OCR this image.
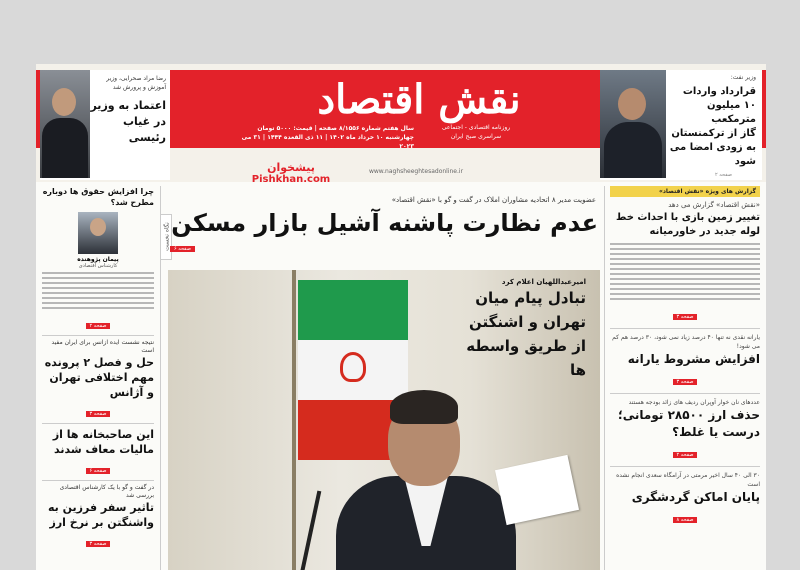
نقش اقتصاد
روزنامه اقتصادی - اجتماعی
سراسری صبح ایران
سال هفتم شماره ۸/۱۵۵۶ صفحه | قیمت: ۵۰۰۰ تومان
چهارشنبه ۱۰ خرداد ماه ۱۴۰۲ | ۱۱ ذی القعده ۱۴۴۴ | ۳۱ می ۲۰۲۳
www.naghsheeghtesadonline.ir
پیشخوان
Pishkhan.com
وزیر نفت:
قرارداد واردات
۱۰ میلیون مترمکعب
گاز از ترکمنستان
به زودی امضا می شود
صفحه ۲
رضا مراد صحرایی، وزیر آموزش و پرورش شد
اعتماد به وزیر
در غیاب
رئیسی
گزارش های ویژه «نقش اقتصاد»
«نقش اقتصاد» گزارش می دهد
تغییر زمین بازی با احداث خط لوله جدید در خاورمیانه
صفحه ۳
یارانه نقدی نه تنها ۴۰ درصد زیاد نمی شود، ۳۰ درصد هم کم می شود!
افزایش مشروط یارانه
صفحه ۳
عددهای نان خوار آوپران ردیف های زائد بودجه هستند
حذف ارز ۲۸۵۰۰ تومانی؛ درست یا غلط؟
صفحه ۲
۳۰ الی ۴۰ سال اخیر مرمتی در آرامگاه سعدی انجام نشده است
پایان اماکن گردشگری
صفحه ۸
چرا افزایش حقوق ها دوباره مطرح شد؟
پیمان پژوهنده
کارشناس اقتصادی
صفحه ۲
نتیجه نشست ایده ازانس برای ایران مفید است
حل و فصل ۲ پرونده مهم اختلافی تهران و آژانس
صفحه ۳
این صاحبخانه ها از مالیات معاف شدند
صفحه ۶
در گفت و گو با یک کارشناس اقتصادی بررسی شد
تاثیر سفر فرزین به واشنگتن بر نرخ ارز
صفحه ۳
نگاه نخست
عضویت مدیر ۸ اتحادیه مشاوران املاک در گفت و گو با «نقش اقتصاد»
عدم نظارت پاشنه آشیل بازار مسکن
صفحه ۶
امیرعبداللهیان اعلام کرد
تبادل پیام میان
تهران و اشنگتن
از طریق واسطه ها
